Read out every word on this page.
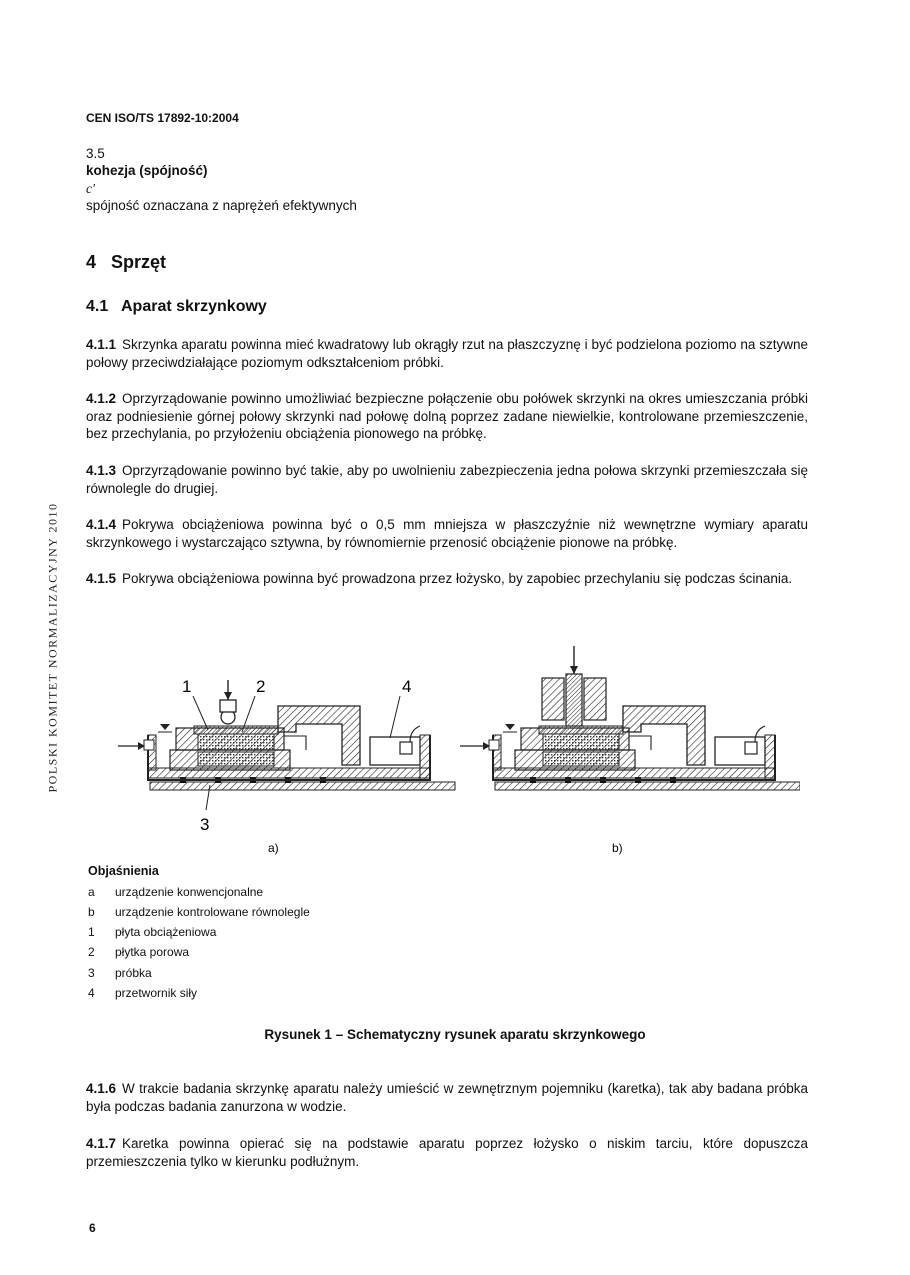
POLSKI KOMITET NORMALIZACYJNY 2010
CEN ISO/TS 17892-10:2004
3.5
kohezja (spójność)
c'
spójność oznaczana z naprężeń efektywnych
4   Sprzęt
4.1   Aparat skrzynkowy
4.1.1 Skrzynka aparatu powinna mieć kwadratowy lub okrągły rzut na płaszczyznę i być podzielona poziomo na sztywne połowy przeciwdziałające poziomym odkształceniom próbki.
4.1.2 Oprzyrządowanie powinno umożliwiać bezpieczne połączenie obu połówek skrzynki na okres umieszczania próbki oraz podniesienie górnej połowy skrzynki nad połowę dolną poprzez zadane niewielkie, kontrolowane przemieszczenie, bez przechylania, po przyłożeniu obciążenia pionowego na próbkę.
4.1.3 Oprzyrządowanie powinno być takie, aby po uwolnieniu zabezpieczenia jedna połowa skrzynki przemieszczała się równolegle do drugiej.
4.1.4 Pokrywa obciążeniowa powinna być o 0,5 mm mniejsza w płaszczyźnie niż wewnętrzne wymiary aparatu skrzynkowego i wystarczająco sztywna, by równomiernie przenosić obciążenie pionowe na próbkę.
4.1.5 Pokrywa obciążeniowa powinna być prowadzona przez łożysko, by zapobiec przechylaniu się podczas ścinania.
1	2
3
4
a)	b)
Objaśnienia
a urządzenie konwencjonalne
b urządzenie kontrolowane równolegle
1 płyta obciążeniowa
2 płytka porowa
3 próbka
4 przetwornik siły
Rysunek 1 – Schematyczny rysunek aparatu skrzynkowego
4.1.6 W trakcie badania skrzynkę aparatu należy umieścić w zewnętrznym pojemniku (karetka), tak aby badana próbka była podczas badania zanurzona w wodzie.
4.1.7 Karetka powinna opierać się na podstawie aparatu poprzez łożysko o niskim tarciu, które dopuszcza przemieszczenia tylko w kierunku podłużnym.
6
